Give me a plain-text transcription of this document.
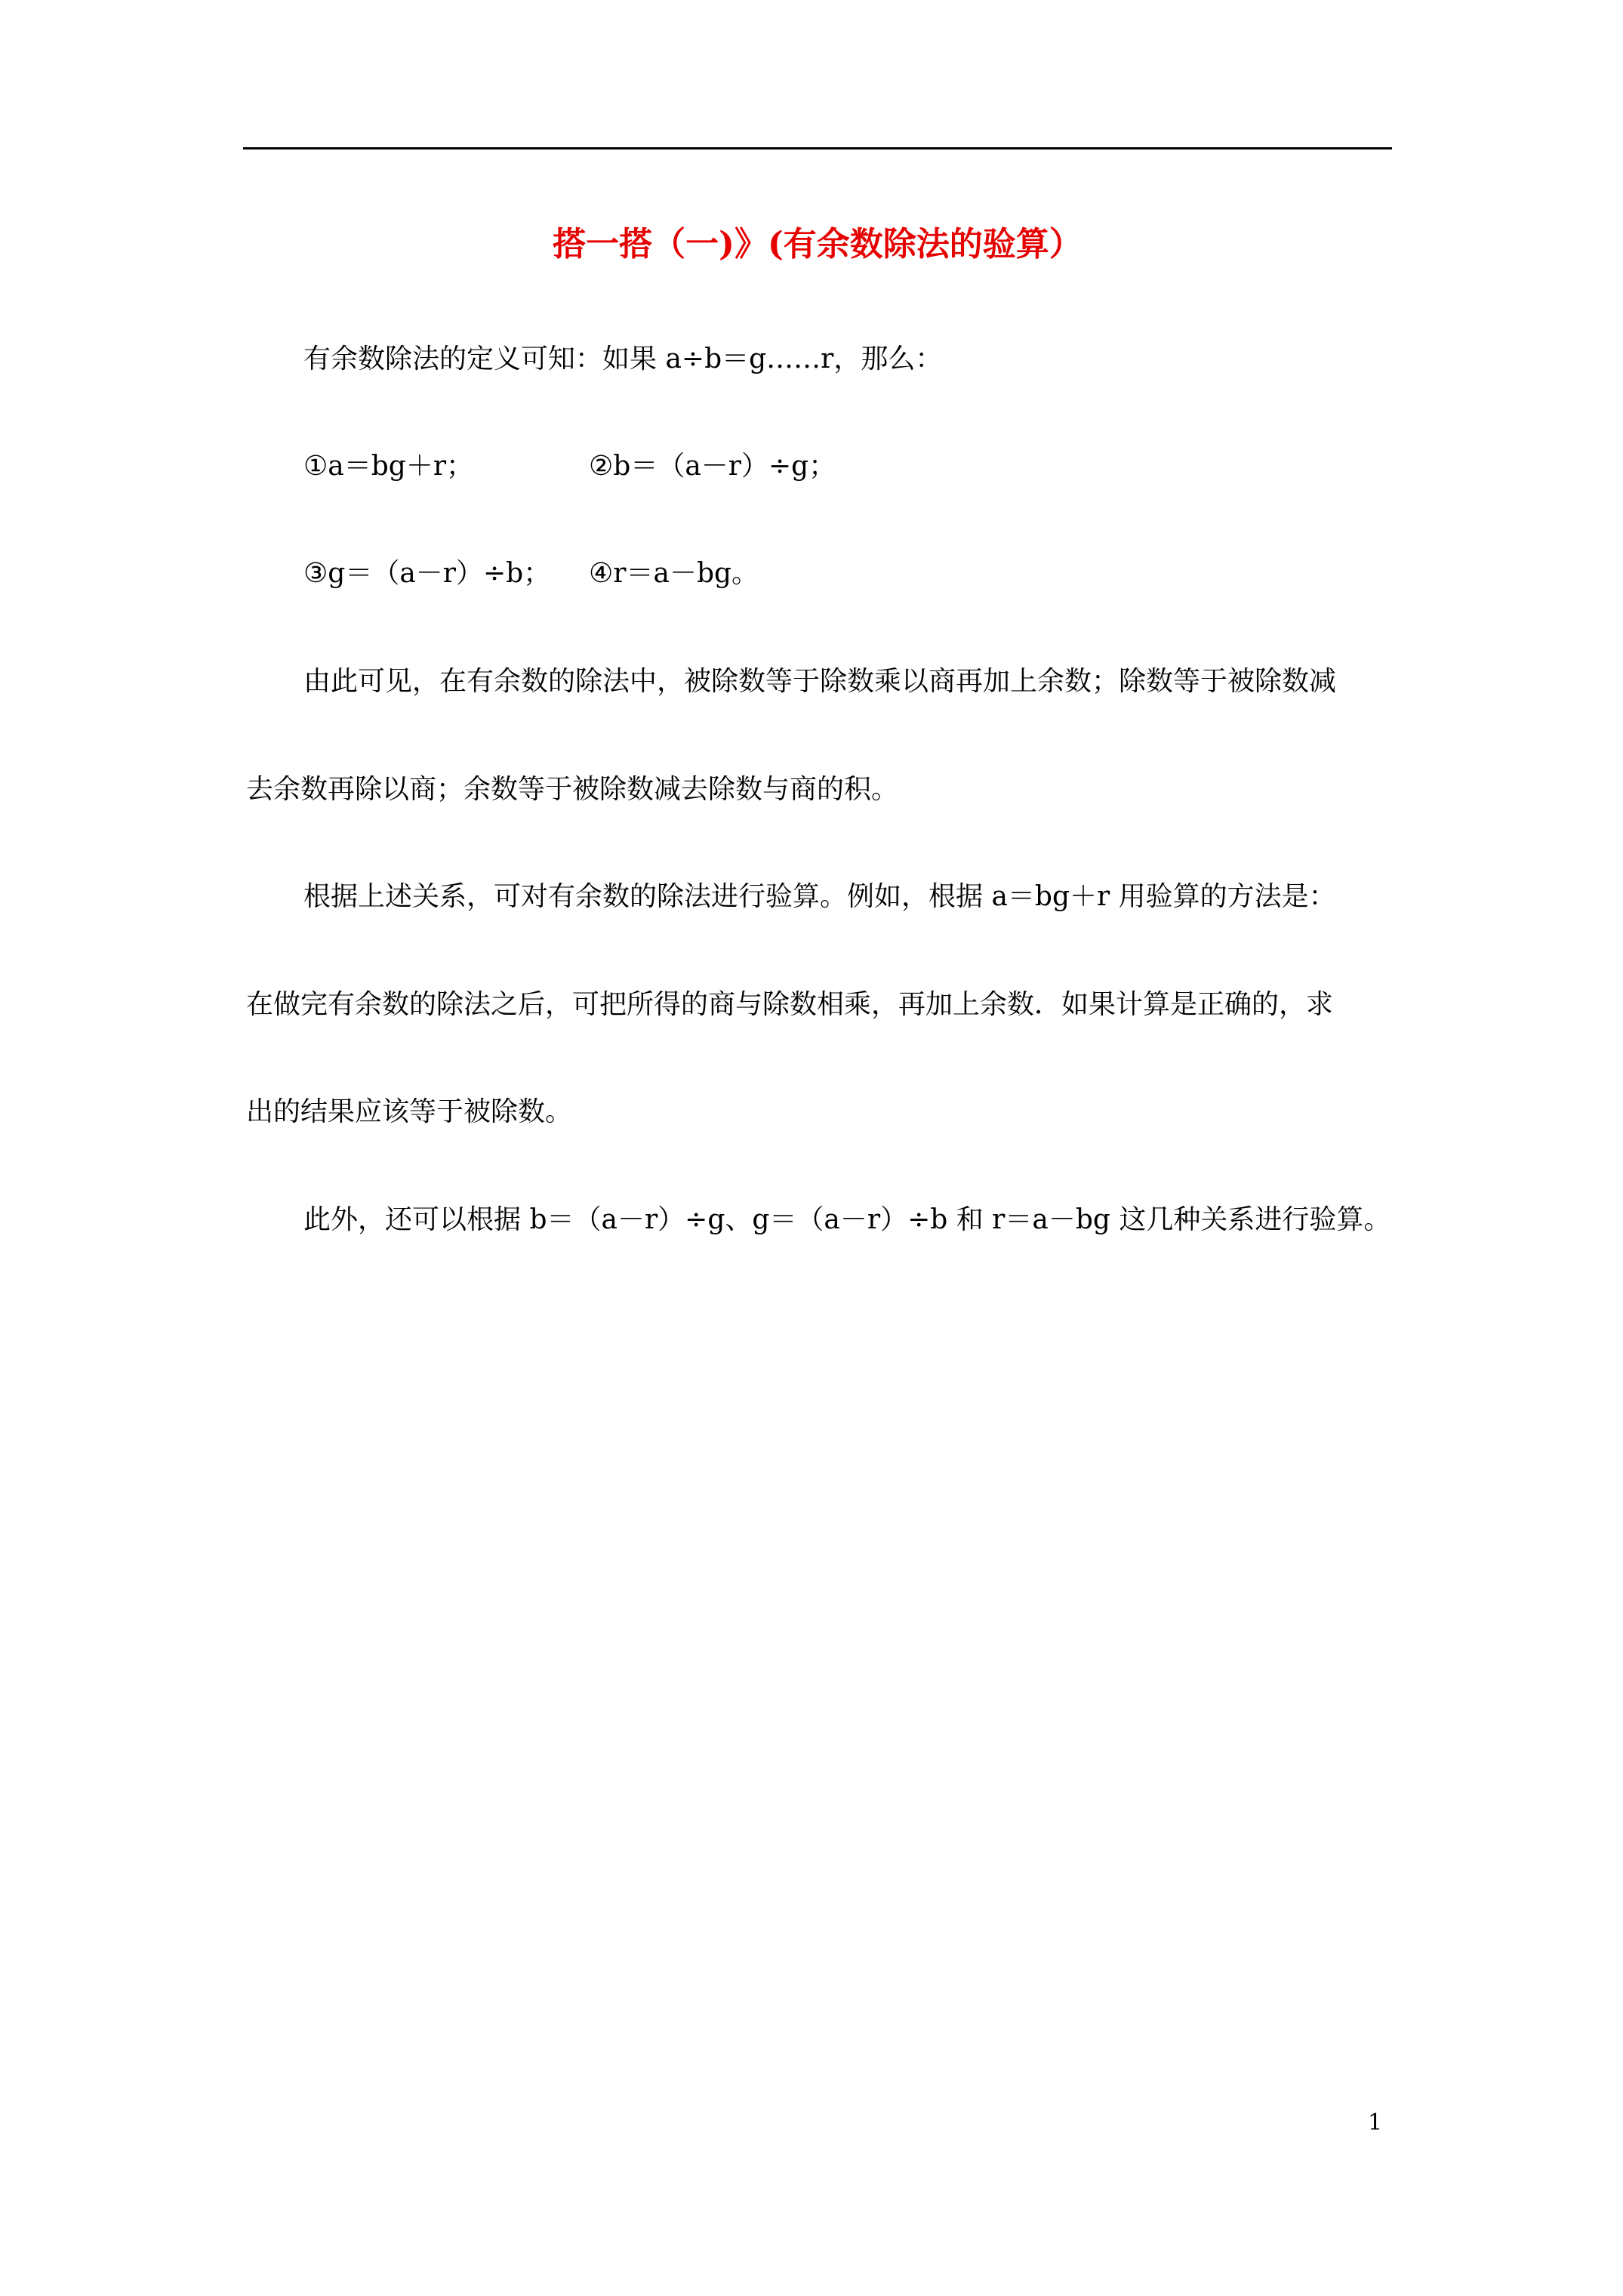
搭一搭（一)》(有余数除法的验算）
有余数除法的定义可知：如果 a÷b＝g……r，那么：
①a＝bg＋r；	②b＝（a－r）÷g；
③g＝（a－r）÷b； ④r＝a－bg。
由此可见，在有余数的除法中，被除数等于除数乘以商再加上余数；除数等于被除数减
去余数再除以商；余数等于被除数减去除数与商的积。
根据上述关系，可对有余数的除法进行验算。例如，根据 a＝bg＋r 用验算的方法是：
在做完有余数的除法之后，可把所得的商与除数相乘，再加上余数．如果计算是正确的，求
出的结果应该等于被除数。
此外，还可以根据 b＝（a－r）÷g、g＝（a－r）÷b 和 r＝a－bg 这几种关系进行验算。
1
